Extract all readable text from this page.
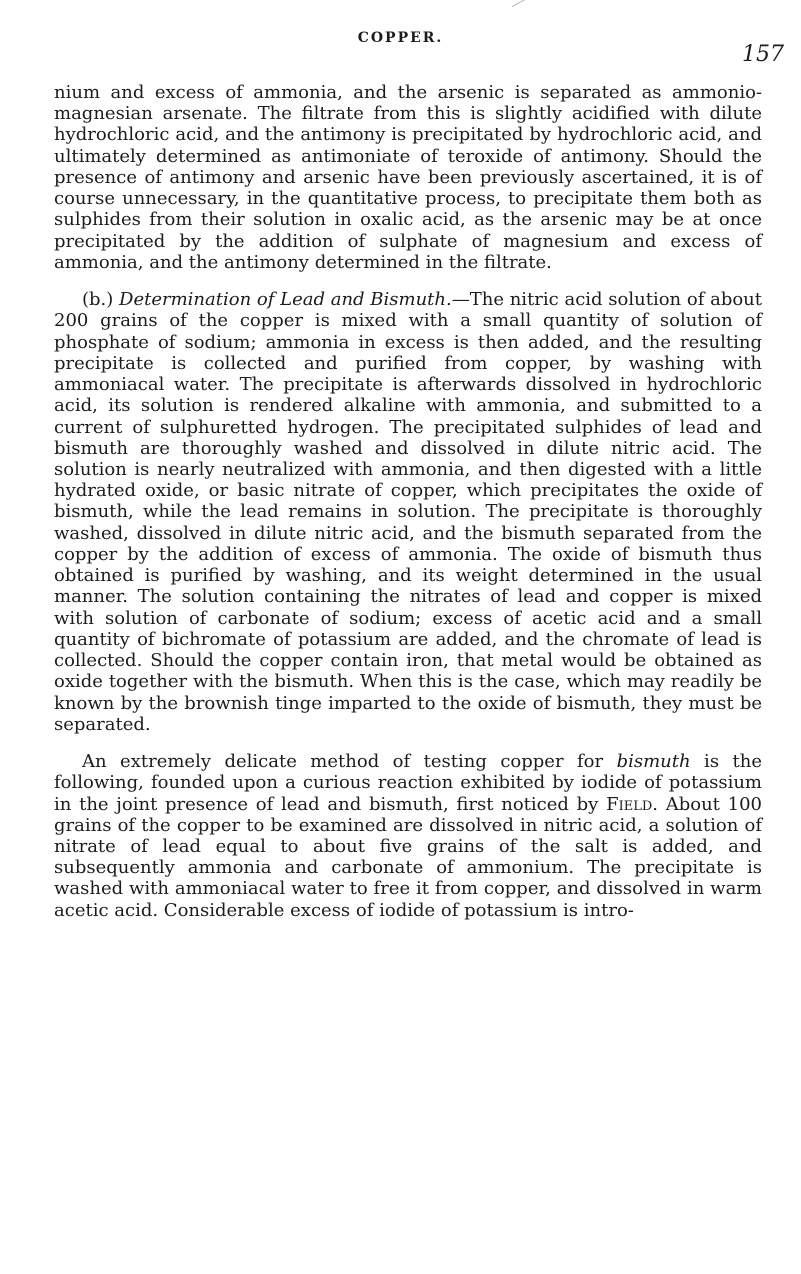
COPPER.
157

nium and excess of ammonia, and the arsenic is separated as ammonio-magnesian arsenate. The filtrate from this is slightly acidified with dilute hydrochloric acid, and the antimony is precipitated by hydrochloric acid, and ultimately determined as antimoniate of teroxide of antimony. Should the presence of antimony and arsenic have been previously ascertained, it is of course unnecessary, in the quantitative process, to precipitate them both as sulphides from their solution in oxalic acid, as the arsenic may be at once precipitated by the addition of sulphate of magnesium and excess of ammonia, and the antimony determined in the filtrate.

(b.) Determination of Lead and Bismuth.—The nitric acid solution of about 200 grains of the copper is mixed with a small quantity of solution of phosphate of sodium; ammonia in excess is then added, and the resulting precipitate is collected and purified from copper, by washing with ammoniacal water. The precipitate is afterwards dissolved in hydrochloric acid, its solution is rendered alkaline with ammonia, and submitted to a current of sulphuretted hydrogen. The precipitated sulphides of lead and bismuth are thoroughly washed and dissolved in dilute nitric acid. The solution is nearly neutralized with ammonia, and then digested with a little hydrated oxide, or basic nitrate of copper, which precipitates the oxide of bismuth, while the lead remains in solution. The precipitate is thoroughly washed, dissolved in dilute nitric acid, and the bismuth separated from the copper by the addition of excess of ammonia. The oxide of bismuth thus obtained is purified by washing, and its weight determined in the usual manner. The solution containing the nitrates of lead and copper is mixed with solution of carbonate of sodium; excess of acetic acid and a small quantity of bichromate of potassium are added, and the chromate of lead is collected. Should the copper contain iron, that metal would be obtained as oxide together with the bismuth. When this is the case, which may readily be known by the brownish tinge imparted to the oxide of bismuth, they must be separated.

An extremely delicate method of testing copper for bismuth is the following, founded upon a curious reaction exhibited by iodide of potassium in the joint presence of lead and bismuth, first noticed by Field. About 100 grains of the copper to be examined are dissolved in nitric acid, a solution of nitrate of lead equal to about five grains of the salt is added, and subsequently ammonia and carbonate of ammonium. The precipitate is washed with ammoniacal water to free it from copper, and dissolved in warm acetic acid. Considerable excess of iodide of potassium is intro-
